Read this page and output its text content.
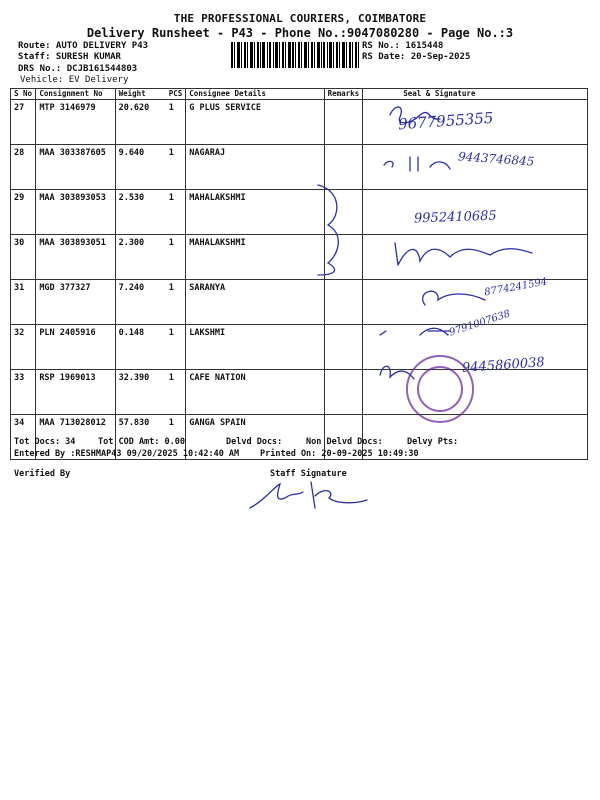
THE PROFESSIONAL COURIERS, COIMBATORE
Delivery Runsheet - P43 - Phone No.:9047080280 - Page No.:3
Route: AUTO DELIVERY P43
Staff: SURESH KUMAR
DRS No.: DCJB161544803
Vehicle: EV Delivery
RS No.: 1615448
RS Date: 20-Sep-2025
S No	Consignment No	Weight	PCS	Consignee Details	Remarks	Seal & Signature
27	MTP 3146979	20.620	1	G PLUS SERVICE		
28	MAA 303387605	9.640	1	NAGARAJ		
29	MAA 303893053	2.530	1	MAHALAKSHMI		
30	MAA 303893051	2.300	1	MAHALAKSHMI		
31	MGD 377327	7.240	1	SARANYA		
32	PLN 2405916	0.148	1	LAKSHMI		
33	RSP 1969013	32.390	1	CAFE NATION		
34	MAA 713028012	57.830	1	GANGA SPAIN		
9677955355
9443746845
9952410685
8774241594
9791007638
9445860038
Tot Docs: 34	Tot COD Amt: 0.00	Delvd Docs:	Non Delvd Docs:	Delvy Pts:
Entered By :RESHMAP43 09/20/2025 10:42:40 AM Printed On: 20-09-2025 10:49:30
Verified By	Staff Signature
